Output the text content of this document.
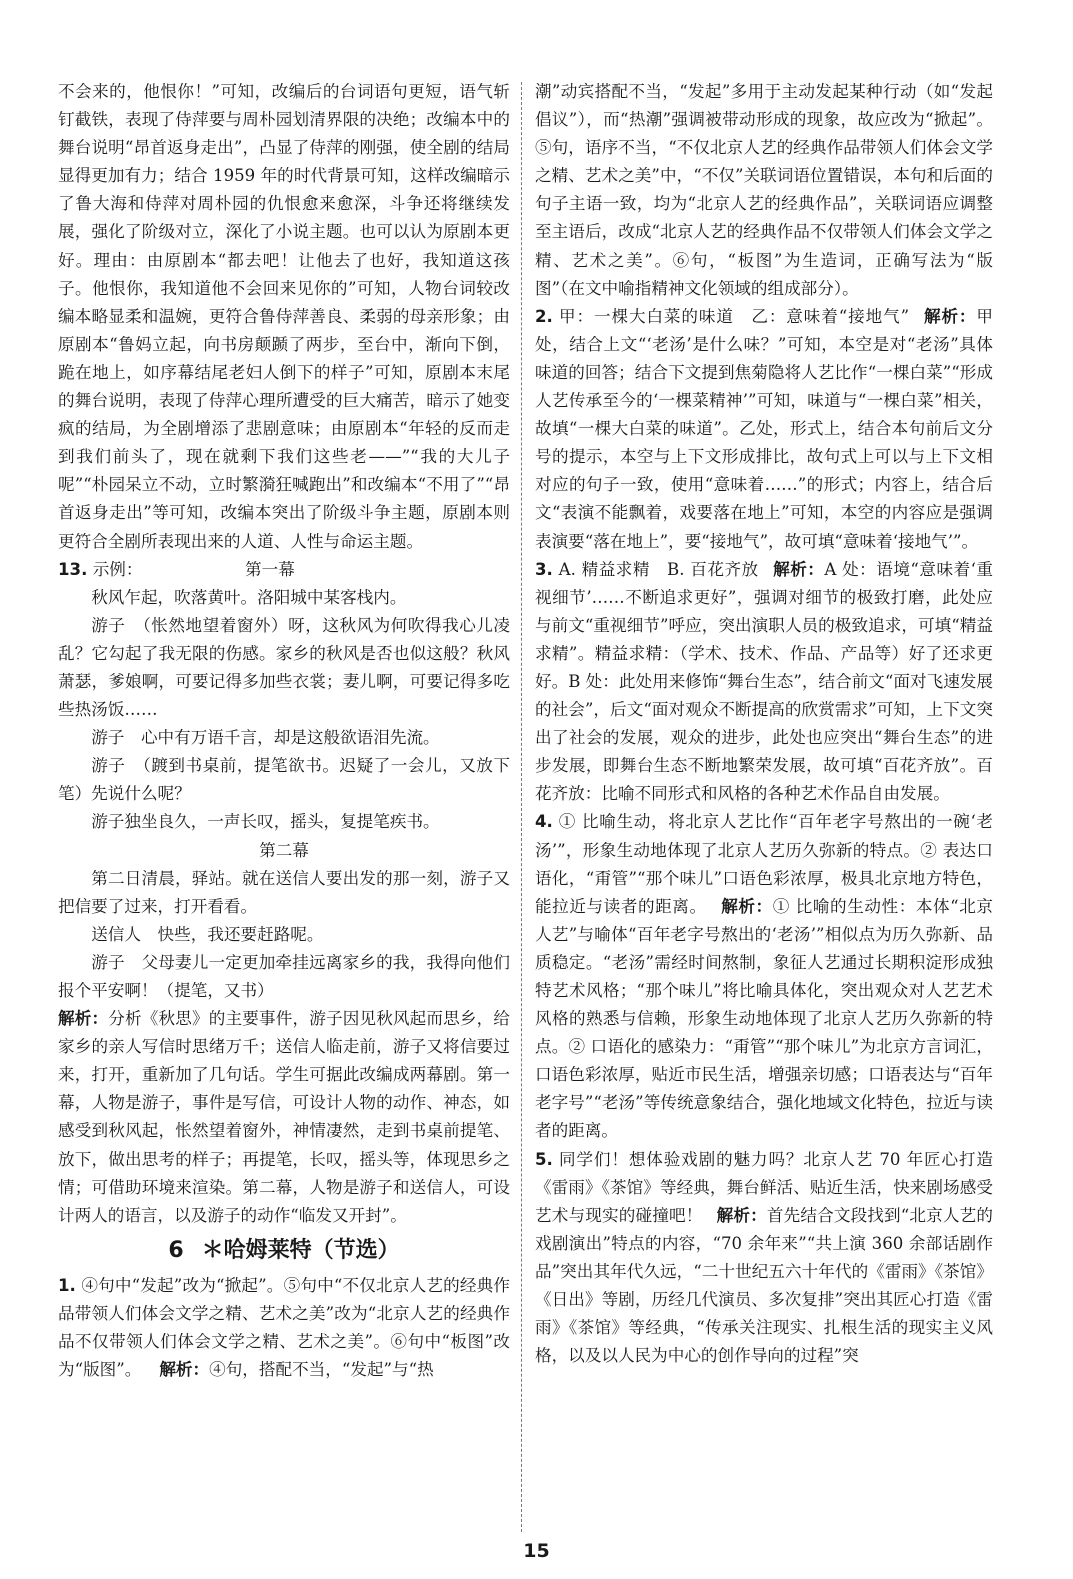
不会来的，他恨你！”可知，改编后的台词语句更短，语气斩钉截铁，表现了侍萍要与周朴园划清界限的决绝；改编本中的舞台说明“昂首返身走出”，凸显了侍萍的刚强，使全剧的结局显得更加有力；结合 1959 年的时代背景可知，这样改编暗示了鲁大海和侍萍对周朴园的仇恨愈来愈深，斗争还将继续发展，强化了阶级对立，深化了小说主题。也可以认为原剧本更好。理由：由原剧本“都去吧！让他去了也好，我知道这孩子。他恨你，我知道他不会回来见你的”可知，人物台词较改编本略显柔和温婉，更符合鲁侍萍善良、柔弱的母亲形象；由原剧本“鲁妈立起，向书房颠踬了两步，至台中，渐向下倒，跪在地上，如序幕结尾老妇人倒下的样子”可知，原剧本末尾的舞台说明，表现了侍萍心理所遭受的巨大痛苦，暗示了她变疯的结局，为全剧增添了悲剧意味；由原剧本“年轻的反而走到我们前头了，现在就剩下我们这些老——”“我的大儿子呢”“朴园呆立不动，立时繁漪狂喊跑出”和改编本“不用了”“昂首返身走出”等可知，改编本突出了阶级斗争主题，原剧本则更符合全剧所表现出来的人道、人性与命运主题。

13. 示例：	第一幕

秋风乍起，吹落黄叶。洛阳城中某客栈内。

游子　（怅然地望着窗外）呀，这秋风为何吹得我心儿凌乱？它勾起了我无限的伤感。家乡的秋风是否也似这般？秋风萧瑟，爹娘啊，可要记得多加些衣裳；妻儿啊，可要记得多吃些热汤饭……

游子　心中有万语千言，却是这般欲语泪先流。

游子　（踱到书桌前，提笔欲书。迟疑了一会儿，又放下笔）先说什么呢？

游子独坐良久，一声长叹，摇头，复提笔疾书。

第二幕

第二日清晨，驿站。就在送信人要出发的那一刻，游子又把信要了过来，打开看看。

送信人　快些，我还要赶路呢。

游子　父母妻儿一定更加牵挂远离家乡的我，我得向他们报个平安啊！（提笔，又书）

解析：分析《秋思》的主要事件，游子因见秋风起而思乡，给家乡的亲人写信时思绪万千；送信人临走前，游子又将信要过来，打开，重新加了几句话。学生可据此改编成两幕剧。第一幕，人物是游子，事件是写信，可设计人物的动作、神态，如感受到秋风起，怅然望着窗外，神情凄然，走到书桌前提笔、放下，做出思考的样子；再提笔，长叹，摇头等，体现思乡之情；可借助环境来渲染。第二幕，人物是游子和送信人，可设计两人的语言，以及游子的动作“临发又开封”。

6 ＊哈姆莱特（节选）

1. ④句中“发起”改为“掀起”。⑤句中“不仅北京人艺的经典作品带领人们体会文学之精、艺术之美”改为“北京人艺的经典作品不仅带领人们体会文学之精、艺术之美”。⑥句中“板图”改为“版图”。 解析：④句，搭配不当，“发起”与“热

潮”动宾搭配不当，“发起”多用于主动发起某种行动（如“发起倡议”），而“热潮”强调被带动形成的现象，故应改为“掀起”。⑤句，语序不当，“不仅北京人艺的经典作品带领人们体会文学之精、艺术之美”中，“不仅”关联词语位置错误，本句和后面的句子主语一致，均为“北京人艺的经典作品”，关联词语应调整至主语后，改成“北京人艺的经典作品不仅带领人们体会文学之精、艺术之美”。⑥句，“板图”为生造词，正确写法为“版图”（在文中喻指精神文化领域的组成部分）。

2. 甲：一棵大白菜的味道　乙：意味着“接地气” 解析：甲处，结合上文“‘老汤’是什么味？”可知，本空是对“老汤”具体味道的回答；结合下文提到焦菊隐将人艺比作“一棵白菜”“形成人艺传承至今的‘一棵菜精神’”可知，味道与“一棵白菜”相关，故填“一棵大白菜的味道”。乙处，形式上，结合本句前后文分号的提示，本空与上下文形成排比，故句式上可以与上下文相对应的句子一致，使用“意味着……”的形式；内容上，结合后文“表演不能飘着，戏要落在地上”可知，本空的内容应是强调表演要“落在地上”，要“接地气”，故可填“意味着‘接地气’”。

3. A. 精益求精　B. 百花齐放 解析：A 处：语境“意味着‘重视细节’……不断追求更好”，强调对细节的极致打磨，此处应与前文“重视细节”呼应，突出演职人员的极致追求，可填“精益求精”。精益求精：（学术、技术、作品、产品等）好了还求更好。B 处：此处用来修饰“舞台生态”，结合前文“面对飞速发展的社会”，后文“面对观众不断提高的欣赏需求”可知，上下文突出了社会的发展，观众的进步，此处也应突出“舞台生态”的进步发展，即舞台生态不断地繁荣发展，故可填“百花齐放”。百花齐放：比喻不同形式和风格的各种艺术作品自由发展。

4. ① 比喻生动，将北京人艺比作“百年老字号熬出的一碗‘老汤’”，形象生动地体现了北京人艺历久弥新的特点。② 表达口语化，“甭管”“那个味儿”口语色彩浓厚，极具北京地方特色，能拉近与读者的距离。 解析：① 比喻的生动性：本体“北京人艺”与喻体“百年老字号熬出的‘老汤’”相似点为历久弥新、品质稳定。“老汤”需经时间熬制，象征人艺通过长期积淀形成独特艺术风格；“那个味儿”将比喻具体化，突出观众对人艺艺术风格的熟悉与信赖，形象生动地体现了北京人艺历久弥新的特点。② 口语化的感染力：“甭管”“那个味儿”为北京方言词汇，口语色彩浓厚，贴近市民生活，增强亲切感；口语表达与“百年老字号”“老汤”等传统意象结合，强化地域文化特色，拉近与读者的距离。

5. 同学们！想体验戏剧的魅力吗？北京人艺 70 年匠心打造《雷雨》《茶馆》等经典，舞台鲜活、贴近生活，快来剧场感受艺术与现实的碰撞吧！ 解析：首先结合文段找到“北京人艺的戏剧演出”特点的内容，“70 余年来”“共上演 360 余部话剧作品”突出其年代久远，“二十世纪五六十年代的《雷雨》《茶馆》《日出》等剧，历经几代演员、多次复排”突出其匠心打造《雷雨》《茶馆》等经典，“传承关注现实、扎根生活的现实主义风格，以及以人民为中心的创作导向的过程”突

15
